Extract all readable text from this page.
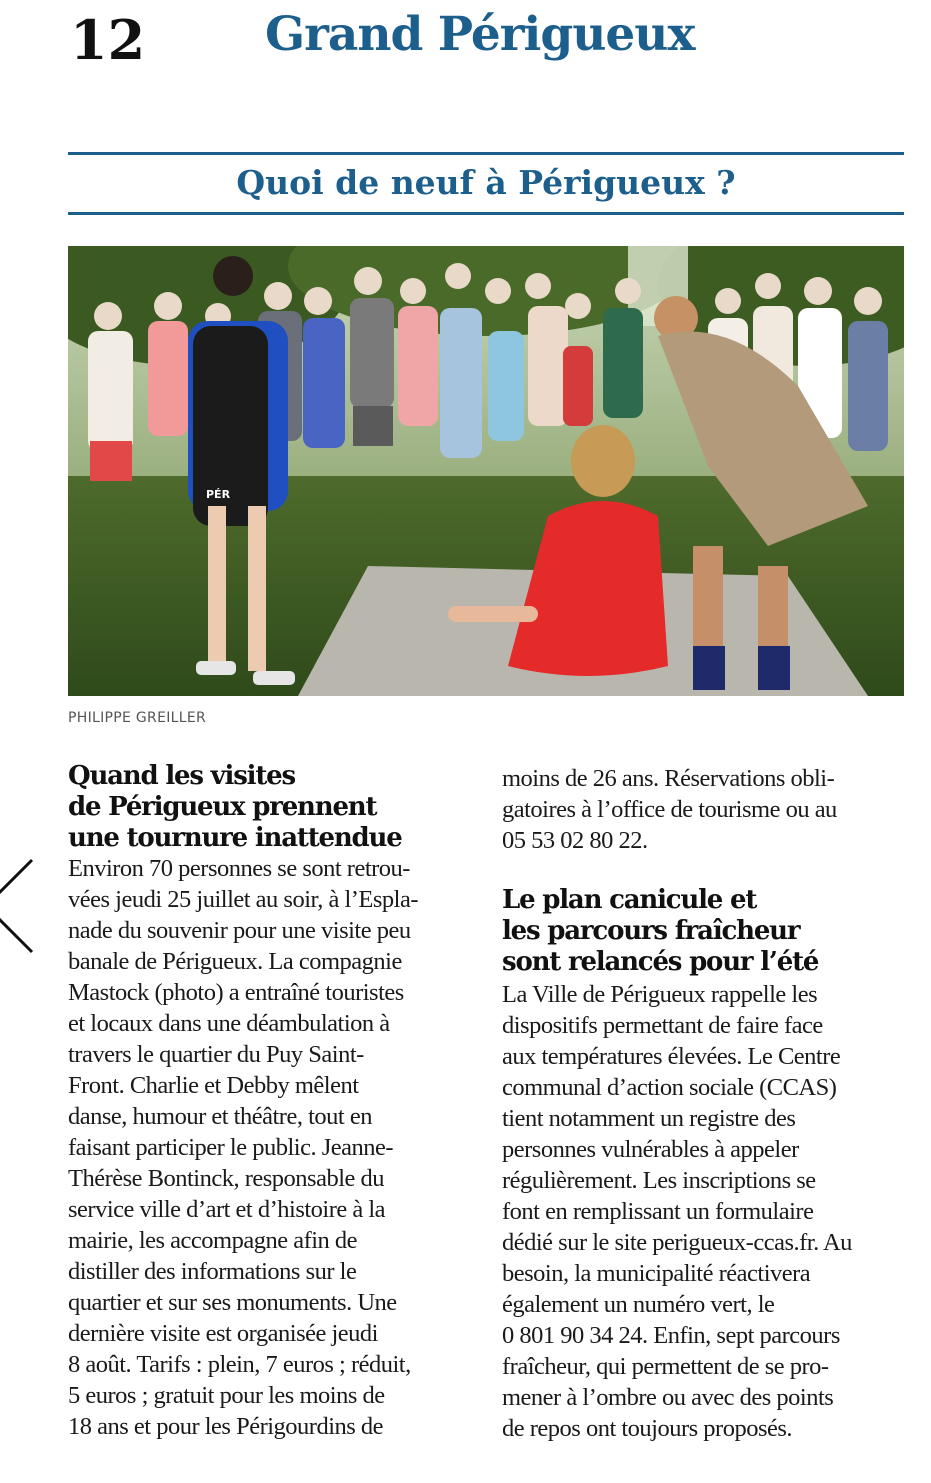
12	Grand Périgueux
Quoi de neuf à Périgueux ?
PÉR
PHILIPPE GREILLER
Quand les visites
de Périgueux prennent
une tournure inattendue
Environ 70 personnes se sont retrou-
vées jeudi 25 juillet au soir, à l’Espla-
nade du souvenir pour une visite peu
banale de Périgueux. La compagnie
Mastock (photo) a entraîné touristes
et locaux dans une déambulation à
travers le quartier du Puy Saint-
Front. Charlie et Debby mêlent
danse, humour et théâtre, tout en
faisant participer le public. Jeanne-
Thérèse Bontinck, responsable du
service ville d’art et d’histoire à la
mairie, les accompagne afin de
distiller des informations sur le
quartier et sur ses monuments. Une
dernière visite est organisée jeudi
8 août. Tarifs : plein, 7 euros ; réduit,
5 euros ; gratuit pour les moins de
18 ans et pour les Périgourdins de
moins de 26 ans. Réservations obli-
gatoires à l’office de tourisme ou au
05 53 02 80 22.
Le plan canicule et
les parcours fraîcheur
sont relancés pour l’été
La Ville de Périgueux rappelle les
dispositifs permettant de faire face
aux températures élevées. Le Centre
communal d’action sociale (CCAS)
tient notamment un registre des
personnes vulnérables à appeler
régulièrement. Les inscriptions se
font en remplissant un formulaire
dédié sur le site perigueux-ccas.fr. Au
besoin, la municipalité réactivera
également un numéro vert, le
0 801 90 34 24. Enfin, sept parcours
fraîcheur, qui permettent de se pro-
mener à l’ombre ou avec des points
de repos ont toujours proposés.
